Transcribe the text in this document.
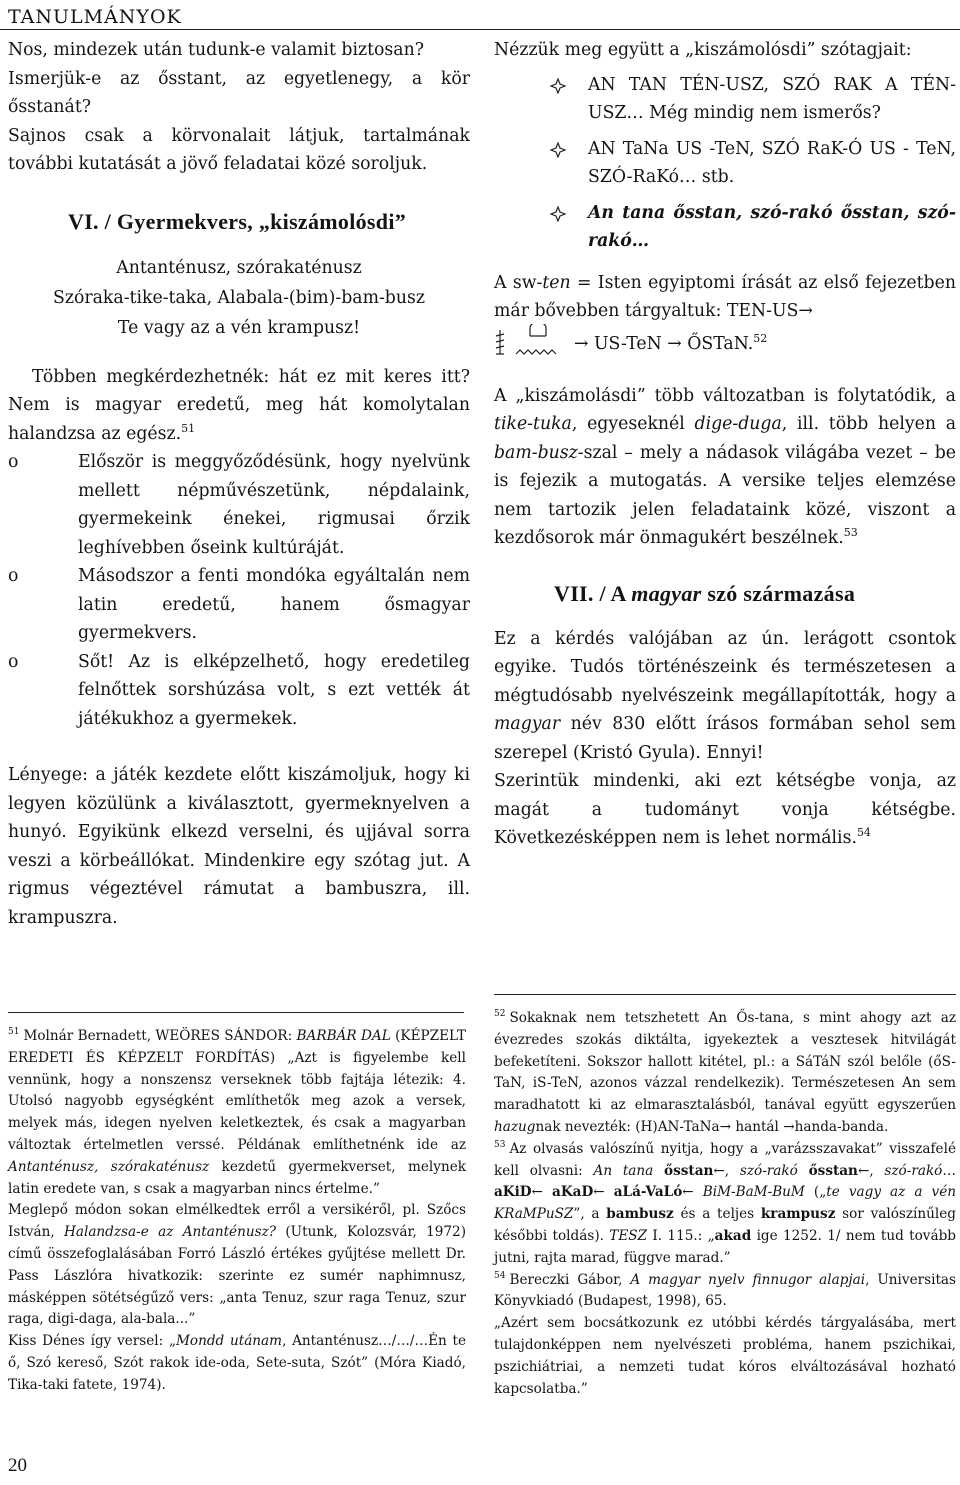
TANULMÁNYOK

Nos, mindezek után tudunk-e valamit biztosan?

Ismerjük-e az ősstant, az egyetlenegy, a kör ősstanát?

Sajnos csak a körvonalait látjuk, tartalmának további kutatását a jövő feladatai közé soroljuk.

VI. / Gyermekvers, „kiszámolósdi”
Antanténusz, szórakaténusz
Szóraka-tike-taka, Alabala-(bim)-bam-busz
Te vagy az a vén krampusz!

Többen megkérdezhetnék: hát ez mit keres itt? Nem is magyar eredetű, meg hát komolytalan halandzsa az egész.$^{51}$

o	Először is meggyőződésünk, hogy nyelvünk mellett népművészetünk, népdalaink, gyermekeink énekei, rigmusai őrzik leghívebben őseink kultúráját.
o	Másodszor a fenti mondóka egyáltalán nem latin eredetű, hanem ősmagyar gyermekvers.
o	Sőt! Az is elképzelhető, hogy eredetileg felnőttek sorshúzása volt, s ezt vették át játékukhoz a gyermekek.

Lényege: a játék kezdete előtt kiszámoljuk, hogy ki legyen közülünk a kiválasztott, gyermeknyelven a hunyó. Egyikünk elkezd verselni, és ujjával sorra veszi a körbeállókat. Mindenkire egy szótag jut. A rigmus végeztével rámutat a bambuszra, ill. krampuszra.

Nézzük meg együtt a „kiszámolósdi” szótagjait:

AN TAN TÉN-USZ, SZÓ RAK A TÉN-USZ… Még mindig nem ismerős?
AN TaNa US -TeN, SZÓ RaK-Ó US - TeN, SZÓ-RaKó… stb.
An tana ősstan, szó-rakó ősstan, szó-rakó…

A sw-ten = Isten egyiptomi írását az első fejezetben már bővebben tárgyaltuk: TEN-US→

→ US-TeN → ŐSTaN.$^{52}$

A „kiszámolásdi” több változatban is folytatódik, a tike-tuka, egyeseknél dige-duga, ill. több helyen a bam-busz-szal – mely a nádasok világába vezet – be is fejezik a mutogatás. A versike teljes elemzése nem tartozik jelen feladataink közé, viszont a kezdősorok már önmagukért beszélnek.$^{53}$

VII. / A magyar szó származása

Ez a kérdés valójában az ún. lerágott csontok egyike. Tudós történészeink és természetesen a mégtudósabb nyelvészeink megállapították, hogy a magyar név 830 előtt írásos formában sehol sem szerepel (Kristó Gyula). Ennyi!

Szerintük mindenki, aki ezt kétségbe vonja, az magát a tudományt vonja kétségbe. Következésképpen nem is lehet normális.$^{54}$

$^{51}$ Molnár Bernadett, WEÖRES SÁNDOR: BARBÁR DAL (KÉPZELT EREDETI ÉS KÉPZELT FORDÍTÁS) „Azt is figyelembe kell vennünk, hogy a nonszensz verseknek több fajtája létezik: 4. Utolsó nagyobb egységként említhetők meg azok a versek, melyek más, idegen nyelven keletkeztek, és csak a magyarban változtak értelmetlen verssé. Példának említhetnénk ide az Antanténusz, szórakaténusz kezdetű gyermekverset, melynek latin eredete van, s csak a magyarban nincs értelme.”

Meglepő módon sokan elmélkedtek erről a versikéről, pl. Szőcs István, Halandzsa-e az Antanténusz? (Utunk, Kolozsvár, 1972) című összefoglalásában Forró László értékes gyűjtése mellett Dr. Pass Lászlóra hivatkozik: szerinte ez sumér naphimnusz, másképpen sötétségűző vers: „anta Tenuz, szur raga Tenuz, szur raga, digi-daga, ala-bala...”

Kiss Dénes így versel: „Mondd utánam, Antanténusz…/…/…Én te ő, Szó kereső, Szót rakok ide-oda, Sete-suta, Szót” (Móra Kiadó, Tika-taki fatete, 1974).

$^{52}$ Sokaknak nem tetszhetett An Ős-tana, s mint ahogy azt az évezredes szokás diktálta, igyekeztek a vesztesek hitvilágát befeketíteni. Sokszor hallott kitétel, pl.: a SáTáN szól belőle (őS-TaN, iS-TeN, azonos vázzal rendelkezik). Természetesen An sem maradhatott ki az elmarasztalásból, tanával együtt egyszerűen hazugnak nevezték: (H)AN-TaNa→ hantál →handa-banda.

$^{53}$ Az olvasás valószínű nyitja, hogy a „varázsszavakat” visszafelé kell olvasni: An tana ősstan←, szó-rakó ősstan←, szó-rakó…aKiD← aKaD← aLá-VaLó← BiM-BaM-BuM („te vagy az a vén KRaMPuSZ”, a bambusz és a teljes krampusz sor valószínűleg későbbi toldás). TESZ I. 115.: „akad ige 1252. 1/ nem tud tovább jutni, rajta marad, függve marad.”

$^{54}$ Bereczki Gábor, A magyar nyelv finnugor alapjai, Universitas Könyvkiadó (Budapest, 1998), 65.

„Azért sem bocsátkozunk ez utóbbi kérdés tárgyalásába, mert tulajdonképpen nem nyelvészeti probléma, hanem pszichikai, pszichiátriai, a nemzeti tudat kóros elváltozásával hozható kapcsolatba.”

20
